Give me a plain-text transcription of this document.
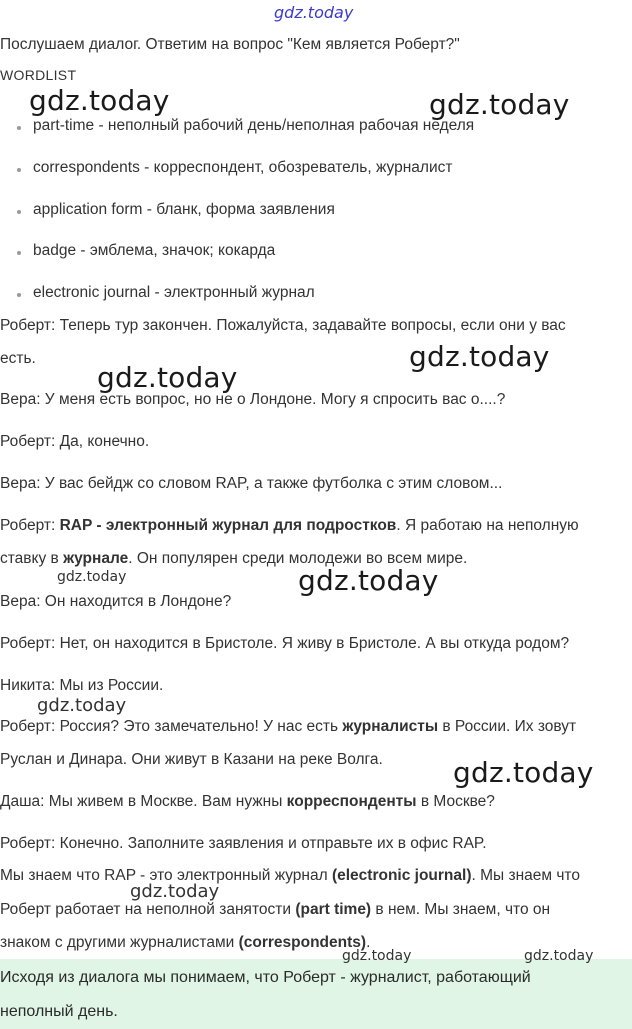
gdz.today
Послушаем диалог. Ответим на вопрос "Кем является Роберт?"
WORDLIST
part-time - неполный рабочий день/неполная рабочая неделя
correspondents - корреспондент, обозреватель, журналист
application form - бланк, форма заявления
badge - эмблема, значок; кокарда
electronic journal - электронный журнал
Роберт: Теперь тур закончен. Пожалуйста, задавайте вопросы, если они у вас
есть.
Вера: У меня есть вопрос, но не о Лондоне. Могу я спросить вас о....?
Роберт: Да, конечно.
Вера: У вас бейдж со словом RAP, а также футболка с этим словом...
Роберт: RAP - электронный журнал для подростков. Я работаю на неполную
ставку в журнале. Он популярен среди молодежи во всем мире.
Вера: Он находится в Лондоне?
Роберт: Нет, он находится в Бристоле. Я живу в Бристоле. А вы откуда родом?
Никита: Мы из России.
Роберт: Россия? Это замечательно! У нас есть журналисты в России. Их зовут
Руслан и Динара. Они живут в Казани на реке Волга.
Даша: Мы живем в Москве. Вам нужны корреспонденты в Москве?
Роберт: Конечно. Заполните заявления и отправьте их в офис RAP.
Мы знаем что RAP - это электронный журнал (electronic journal). Мы знаем что
Роберт работает на неполной занятости (part time) в нем. Мы знаем, что он
знаком с другими журналистами (correspondents).
Исходя из диалога мы понимаем, что Роберт - журналист, работающий
неполный день.
gdz.today	gdz.today
gdz.today
gdz.today
gdz.today	gdz.today
gdz.today
gdz.today
gdz.today
gdz.today	gdz.today
